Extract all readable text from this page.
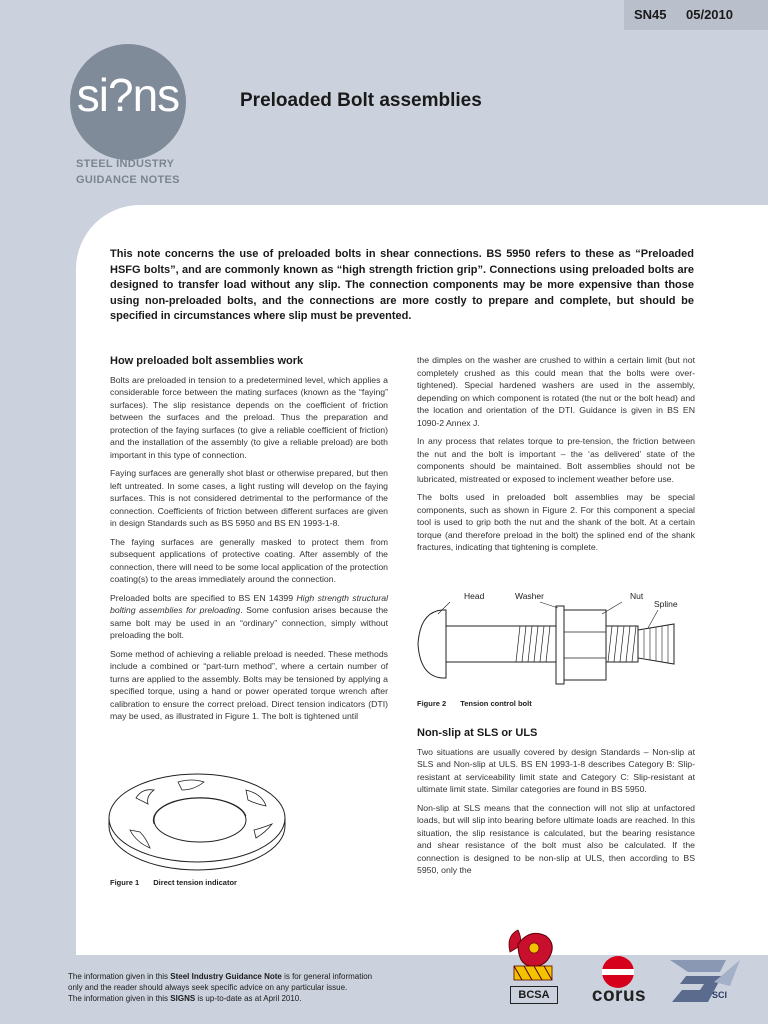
SN45 05/2010
si?ns
STEEL INDUSTRY
GUIDANCE NOTES
Preloaded Bolt assemblies
This note concerns the use of preloaded bolts in shear connections. BS 5950 refers to these as “Preloaded HSFG bolts”, and are commonly known as “high strength friction grip”. Connections using preloaded bolts are designed to transfer load without any slip. The connection components may be more expensive than those using non-preloaded bolts, and the connections are more costly to prepare and complete, but should be specified in circumstances where slip must be prevented.
How preloaded bolt assemblies work

Bolts are preloaded in tension to a predetermined level, which applies a considerable force between the mating surfaces (known as the “faying” surfaces). The slip resistance depends on the coefficient of friction between the surfaces and the preload. Thus the preparation and protection of the faying surfaces (to give a reliable coefficient of friction) and the installation of the assembly (to give a reliable preload) are both important in this type of connection.

Faying surfaces are generally shot blast or otherwise prepared, but then left untreated. In some cases, a light rusting will develop on the faying surfaces. This is not considered detrimental to the performance of the connection. Coefficients of friction between different surfaces are given in design Standards such as BS 5950 and BS EN 1993-1-8.

The faying surfaces are generally masked to protect them from subsequent applications of protective coating. After assembly of the connection, there will need to be some local application of the protection coating(s) to the areas immediately around the connection.

Preloaded bolts are specified to BS EN 14399 High strength structural bolting assemblies for preloading. Some confusion arises because the same bolt may be used in an “ordinary” connection, simply without preloading the bolt.

Some method of achieving a reliable preload is needed. These methods include a combined or “part-turn method”, where a certain number of turns are applied to the assembly. Bolts may be tensioned by applying a specified torque, using a hand or power operated torque wrench after calibration to ensure the correct preload. Direct tension indicators (DTI) may be used, as illustrated in Figure 1. The bolt is tightened until

Figure 1 Direct tension indicator

the dimples on the washer are crushed to within a certain limit (but not completely crushed as this could mean that the bolts were over-tightened). Special hardened washers are used in the assembly, depending on which component is rotated (the nut or the bolt head) and the location and orientation of the DTI. Guidance is given in BS EN 1090-2 Annex J.

In any process that relates torque to pre-tension, the friction between the nut and the bolt is important – the ‘as delivered’ state of the components should be maintained. Bolt assemblies should not be lubricated, mistreated or exposed to inclement weather before use.

The bolts used in preloaded bolt assemblies may be special components, such as shown in Figure 2. For this component a special tool is used to grip both the nut and the shank of the bolt. At a certain torque (and therefore preload in the bolt) the splined end of the shank fractures, indicating that tightening is complete.

Head	Washer	Nut
Spline
Figure 2 Tension control bolt
Non-slip at SLS or ULS

Two situations are usually covered by design Standards – Non-slip at SLS and Non-slip at ULS. BS EN 1993-1-8 describes Category B: Slip-resistant at serviceability limit state and Category C: Slip-resistant at ultimate limit state. Similar categories are found in BS 5950.

Non-slip at SLS means that the connection will not slip at unfactored loads, but will slip into bearing before ultimate loads are reached. In this situation, the slip resistance is calculated, but the bearing resistance and shear resistance of the bolt must also be calculated. If the connection is designed to be non-slip at ULS, then according to BS 5950, only the

The information given in this Steel Industry Guidance Note is for general information
only and the reader should always seek specific advice on any particular issue.
The information given in this SIGNS is up-to-date as at April 2010.	BCSA	corus	SCI
